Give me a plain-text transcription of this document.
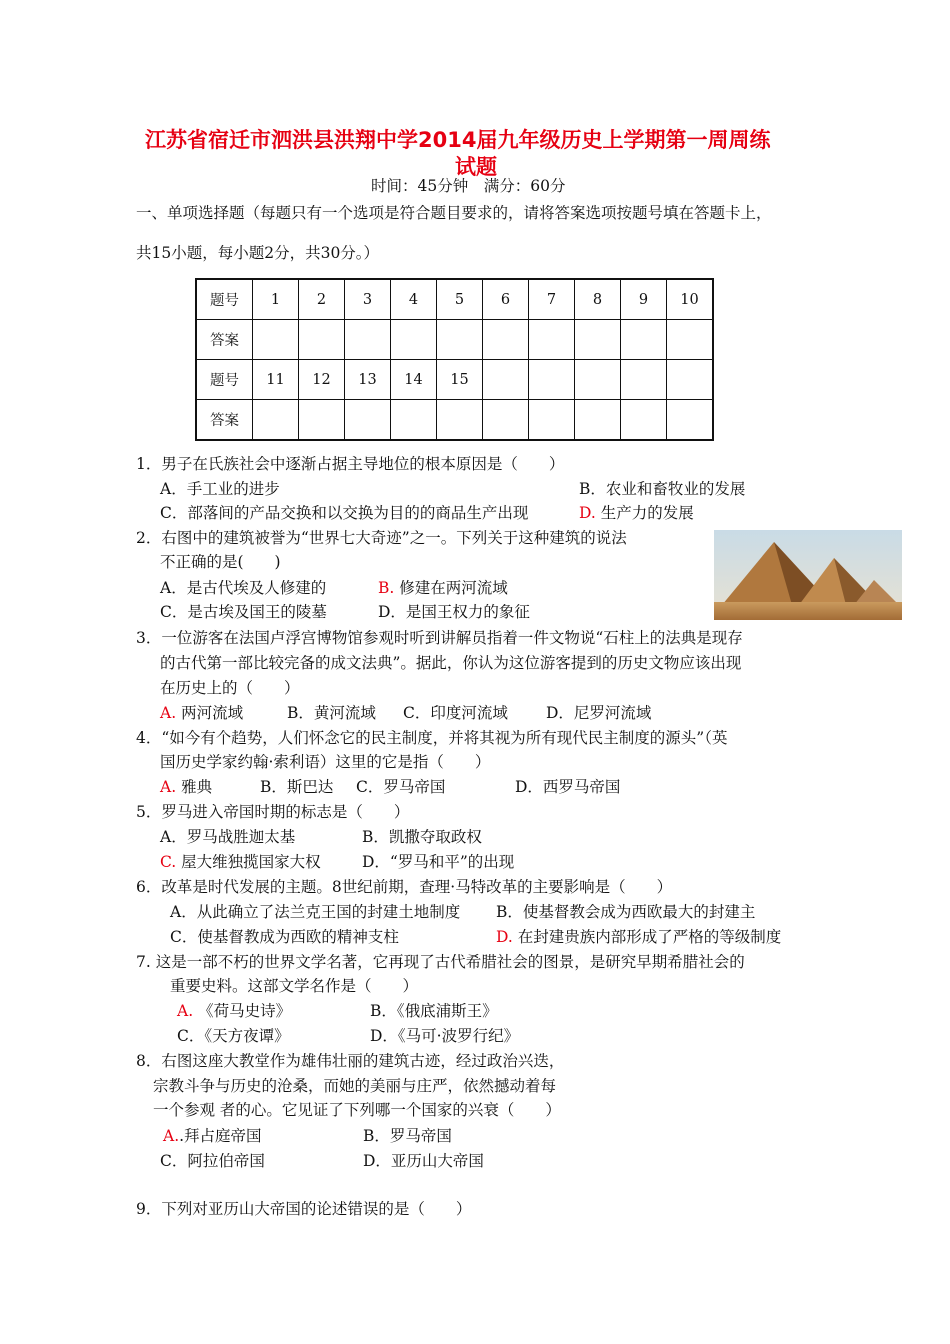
江苏省宿迁市泗洪县洪翔中学2014届九年级历史上学期第一周周练
试题
时间：45分钟　满分：60分
一、单项选择题（每题只有一个选项是符合题目要求的，请将答案选项按题号填在答题卡上，
共15小题，每小题2分，共30分。）
题号	1	2	3	4	5	6	7	8	9	10
答案										
题号	11	12	13	14	15					
答案										
1．男子在氏族社会中逐渐占据主导地位的根本原因是（　　）
A．手工业的进步	B．农业和畜牧业的发展
C．部落间的产品交换和以交换为目的的商品生产出现	D. 生产力的发展
2．右图中的建筑被誉为“世界七大奇迹”之一。下列关于这种建筑的说法
不正确的是(　　)
A．是古代埃及人修建的	B. 修建在两河流域
C．是古埃及国王的陵墓	D．是国王权力的象征
3．一位游客在法国卢浮宫博物馆参观时听到讲解员指着一件文物说“石柱上的法典是现存
的古代第一部比较完备的成文法典”。据此，你认为这位游客提到的历史文物应该出现
在历史上的（　　）
A. 两河流域	B．黄河流域 C．印度河流域 D．尼罗河流域
4．“如今有个趋势，人们怀念它的民主制度，并将其视为所有现代民主制度的源头”（英
国历史学家约翰·索利语）这里的它是指（　　）
A. 雅典	B．斯巴达 C．罗马帝国	D．西罗马帝国
5．罗马进入帝国时期的标志是（　　）
A．罗马战胜迦太基	B．凯撒夺取政权
C. 屋大维独揽国家大权	D．“罗马和平”的出现
6．改革是时代发展的主题。8世纪前期，查理·马特改革的主要影响是（　　）
A．从此确立了法兰克王国的封建土地制度 B．使基督教会成为西欧最大的封建主
C．使基督教成为西欧的精神支柱	D. 在封建贵族内部形成了严格的等级制度
7. 这是一部不朽的世界文学名著，它再现了古代希腊社会的图景，是研究早期希腊社会的
重要史料。这部文学名作是（　　）
A. 《荷马史诗》	B．《俄底浦斯王》
C．《天方夜谭》	D．《马可·波罗行纪》
8．右图这座大教堂作为雄伟壮丽的建筑古迹，经过政治兴迭，
宗教斗争与历史的沧桑，而她的美丽与庄严，依然撼动着每
一个参观 者的心。它见证了下列哪一个国家的兴衰（　　）
A..拜占庭帝国	B．罗马帝国
C．阿拉伯帝国	D．亚历山大帝国
9．下列对亚历山大帝国的论述错误的是（　　）
